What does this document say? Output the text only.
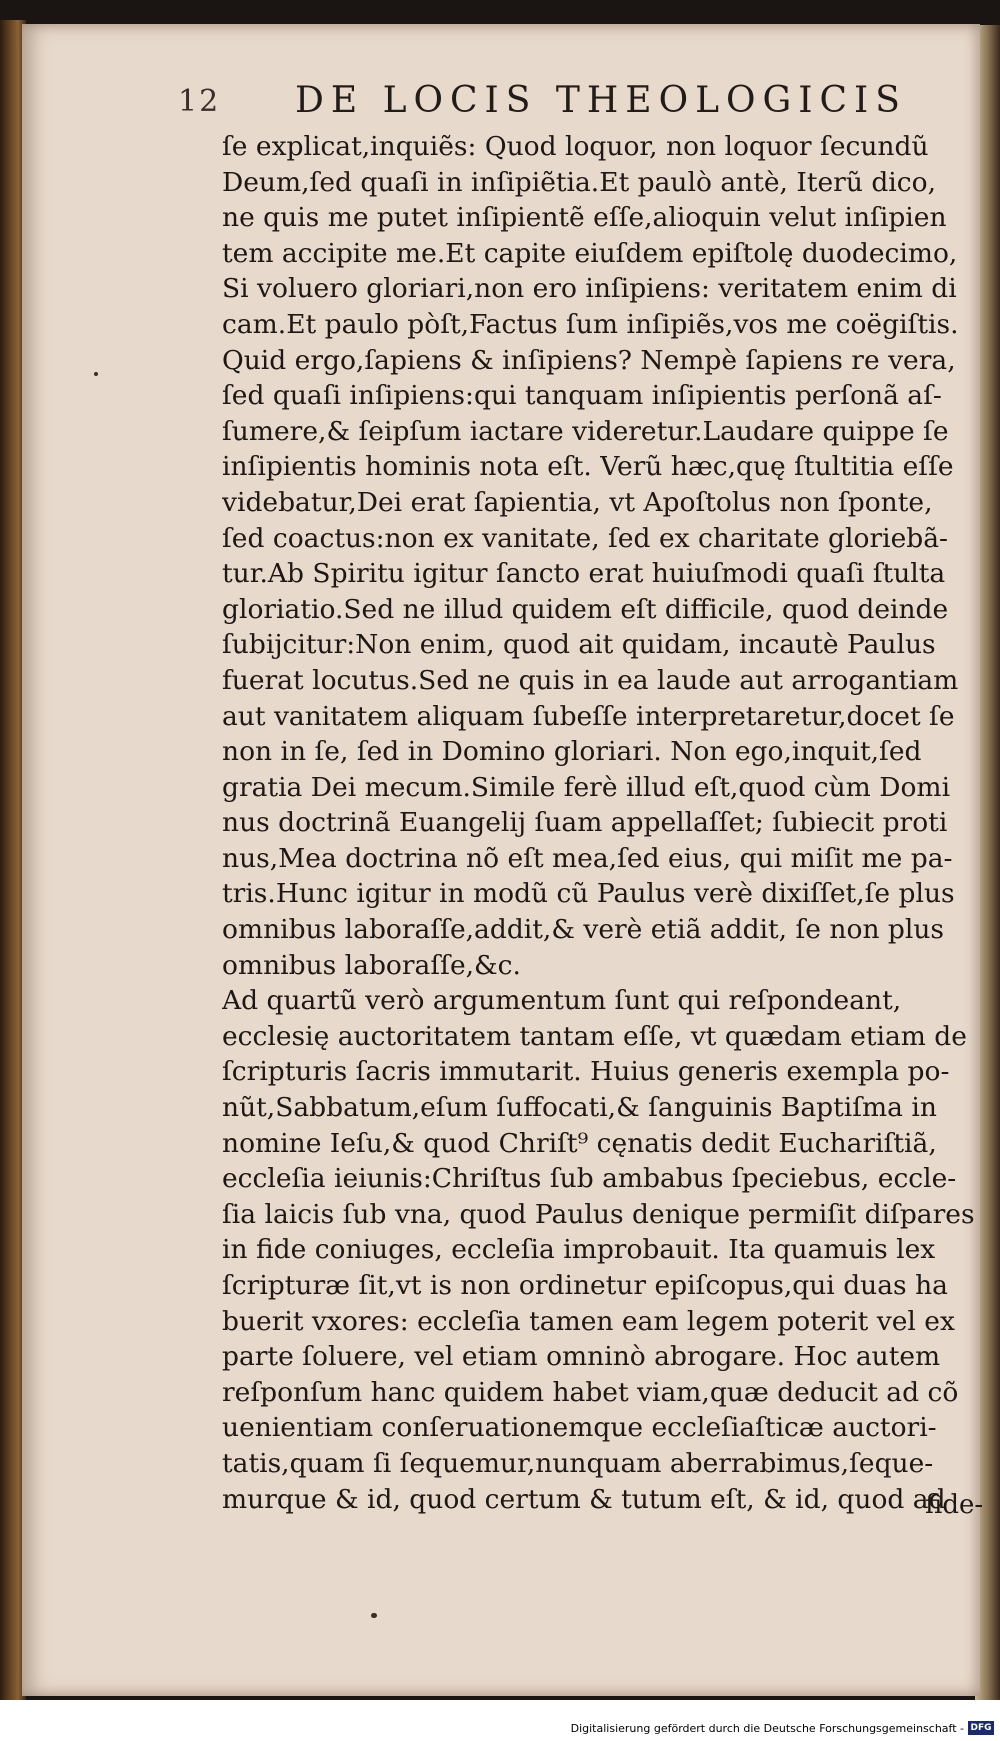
12 DE LOCIS THEOLOGICIS
ſe explicat,inquiẽs: Quod loquor, non loquor ſecundũ
Deum,ſed quaſi in inſipiẽtia.Et paulò antè, Iterũ dico,
ne quis me putet inſipientẽ eſſe,alioquin velut inſipien
tem accipite me.Et capite eiuſdem epiſtolę duodecimo,
Si voluero gloriari,non ero inſipiens: veritatem enim di
cam.Et paulo pòſt,Factus ſum inſipiẽs,vos me coëgiſtis.
Quid ergo,ſapiens & inſipiens? Nempè ſapiens re vera,
ſed quaſi inſipiens:qui tanquam inſipientis perſonã aſ-
ſumere,& ſeipſum iactare videretur.Laudare quippe ſe
inſipientis hominis nota eſt. Verũ hæc,quę ſtultitia eſſe
videbatur,Dei erat ſapientia, vt Apoſtolus non ſponte,
ſed coactus:non ex vanitate, ſed ex charitate gloriebã-
tur.Ab Spiritu igitur ſancto erat huiuſmodi quaſi ſtulta
gloriatio.Sed ne illud quidem eſt difficile, quod deinde
ſubijcitur:Non enim, quod ait quidam, incautè Paulus
fuerat locutus.Sed ne quis in ea laude aut arrogantiam
aut vanitatem aliquam ſubeſſe interpretaretur,docet ſe
non in ſe, ſed in Domino gloriari. Non ego,inquit,ſed
gratia Dei mecum.Simile ferè illud eſt,quod cùm Domi
nus doctrinã Euangelij ſuam appellaſſet; ſubiecit proti
nus,Mea doctrina nõ eſt mea,ſed eius, qui miſit me pa-
tris.Hunc igitur in modũ cũ Paulus verè dixiſſet,ſe plus
omnibus laboraſſe,addit,& verè etiã addit, ſe non plus
omnibus laboraſſe,&c.
Ad quartũ verò argumentum ſunt qui reſpondeant,
ecclesię auctoritatem tantam eſſe, vt quædam etiam de
ſcripturis ſacris immutarit. Huius generis exempla po-
nũt,Sabbatum,eſum ſuffocati,& ſanguinis Baptiſma in
nomine Ieſu,& quod Chriſt⁹ cęnatis dedit Euchariſtiã,
eccleſia ieiunis:Chriſtus ſub ambabus ſpeciebus, eccle-
ſia laicis ſub vna, quod Paulus denique permiſit diſpares
in fide coniuges, eccleſia improbauit. Ita quamuis lex
ſcripturæ ſit,vt is non ordinetur epiſcopus,qui duas ha
buerit vxores: eccleſia tamen eam legem poterit vel ex
parte ſoluere, vel etiam omninò abrogare. Hoc autem
reſponſum hanc quidem habet viam,quæ deducit ad cõ
uenientiam conſeruationemque eccleſiaſticæ auctori-
tatis,quam ſi ſequemur,nunquam aberrabimus,ſeque-
murque & id, quod certum & tutum eſt, & id, quod ad
fide-
Digitalisierung gefördert durch die Deutsche Forschungsgemeinschaft - DFG
